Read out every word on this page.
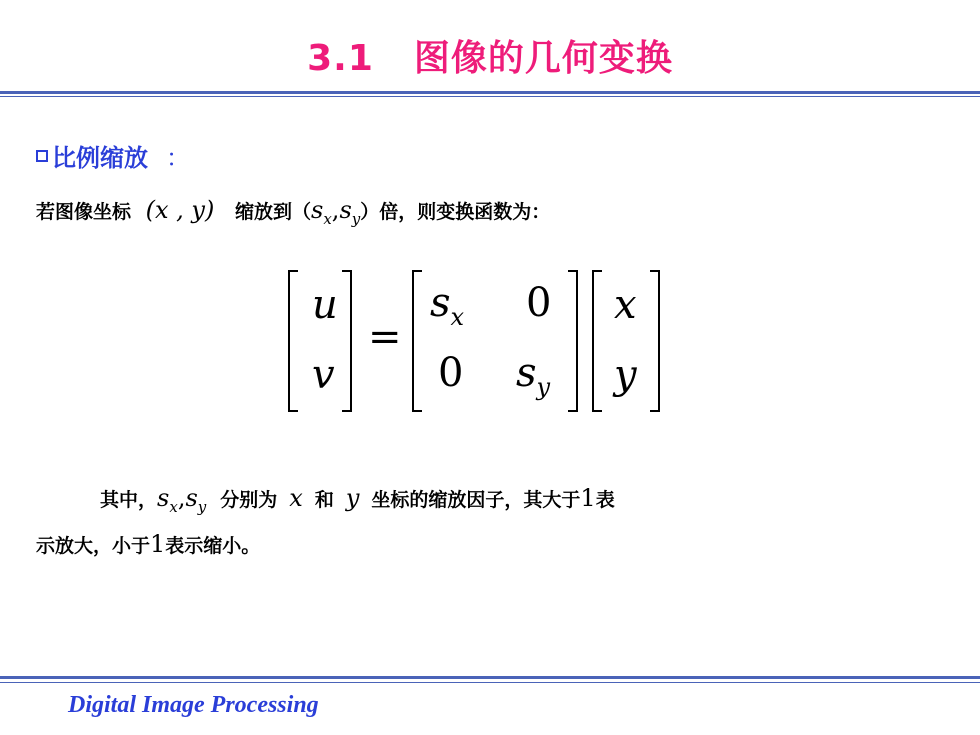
3.1 图像的几何变换
比例缩放 ：
若图像坐标 (x , y) 缩放到$(s_x,s_y)$倍，则变换函数为：
u
v
=
$s_x$ 0
0 $s_y$
x
y
其中，$s_x,s_y$ 分别为 x 和 y 坐标的缩放因子，其大于1表
示放大，小于1表示缩小。
Digital Image Processing
